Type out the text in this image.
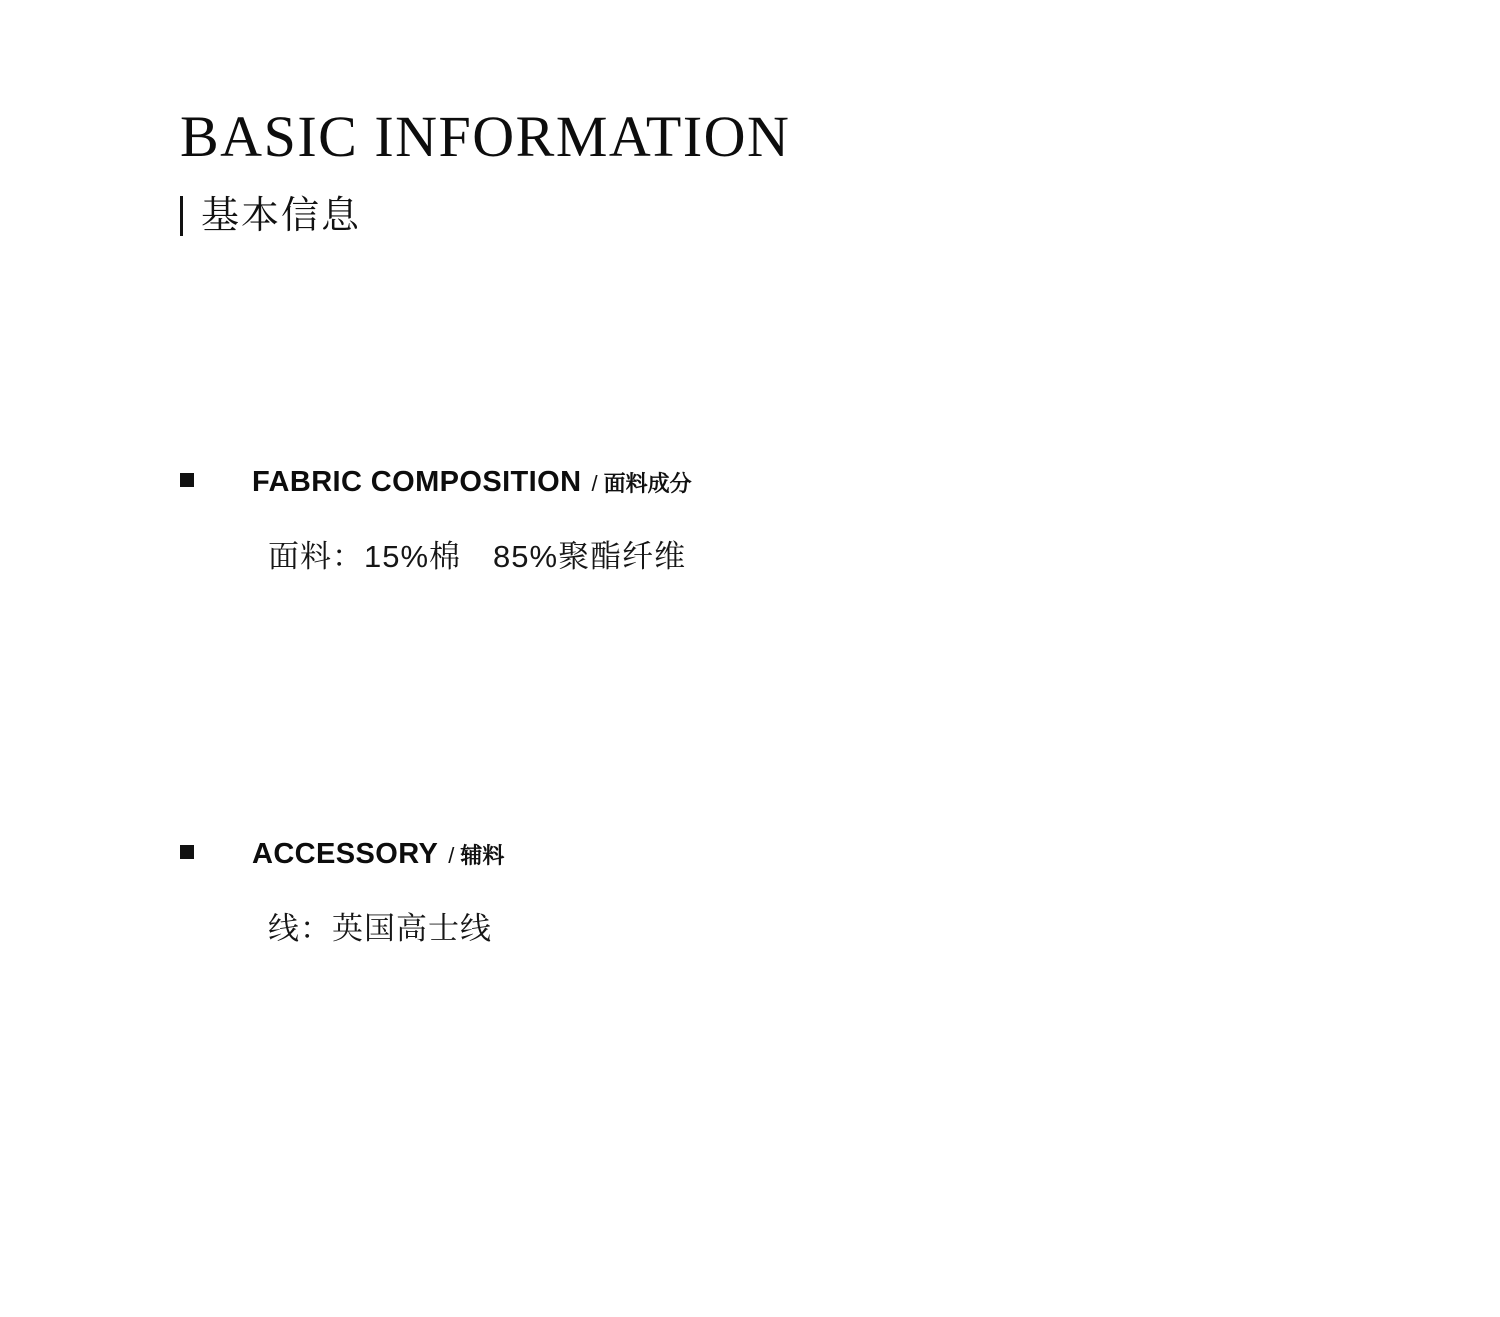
BASIC INFORMATION
基本信息
FABRIC COMPOSITION / 面料成分
面料：15%棉　85%聚酯纤维
ACCESSORY / 辅料
线：英国高士线
